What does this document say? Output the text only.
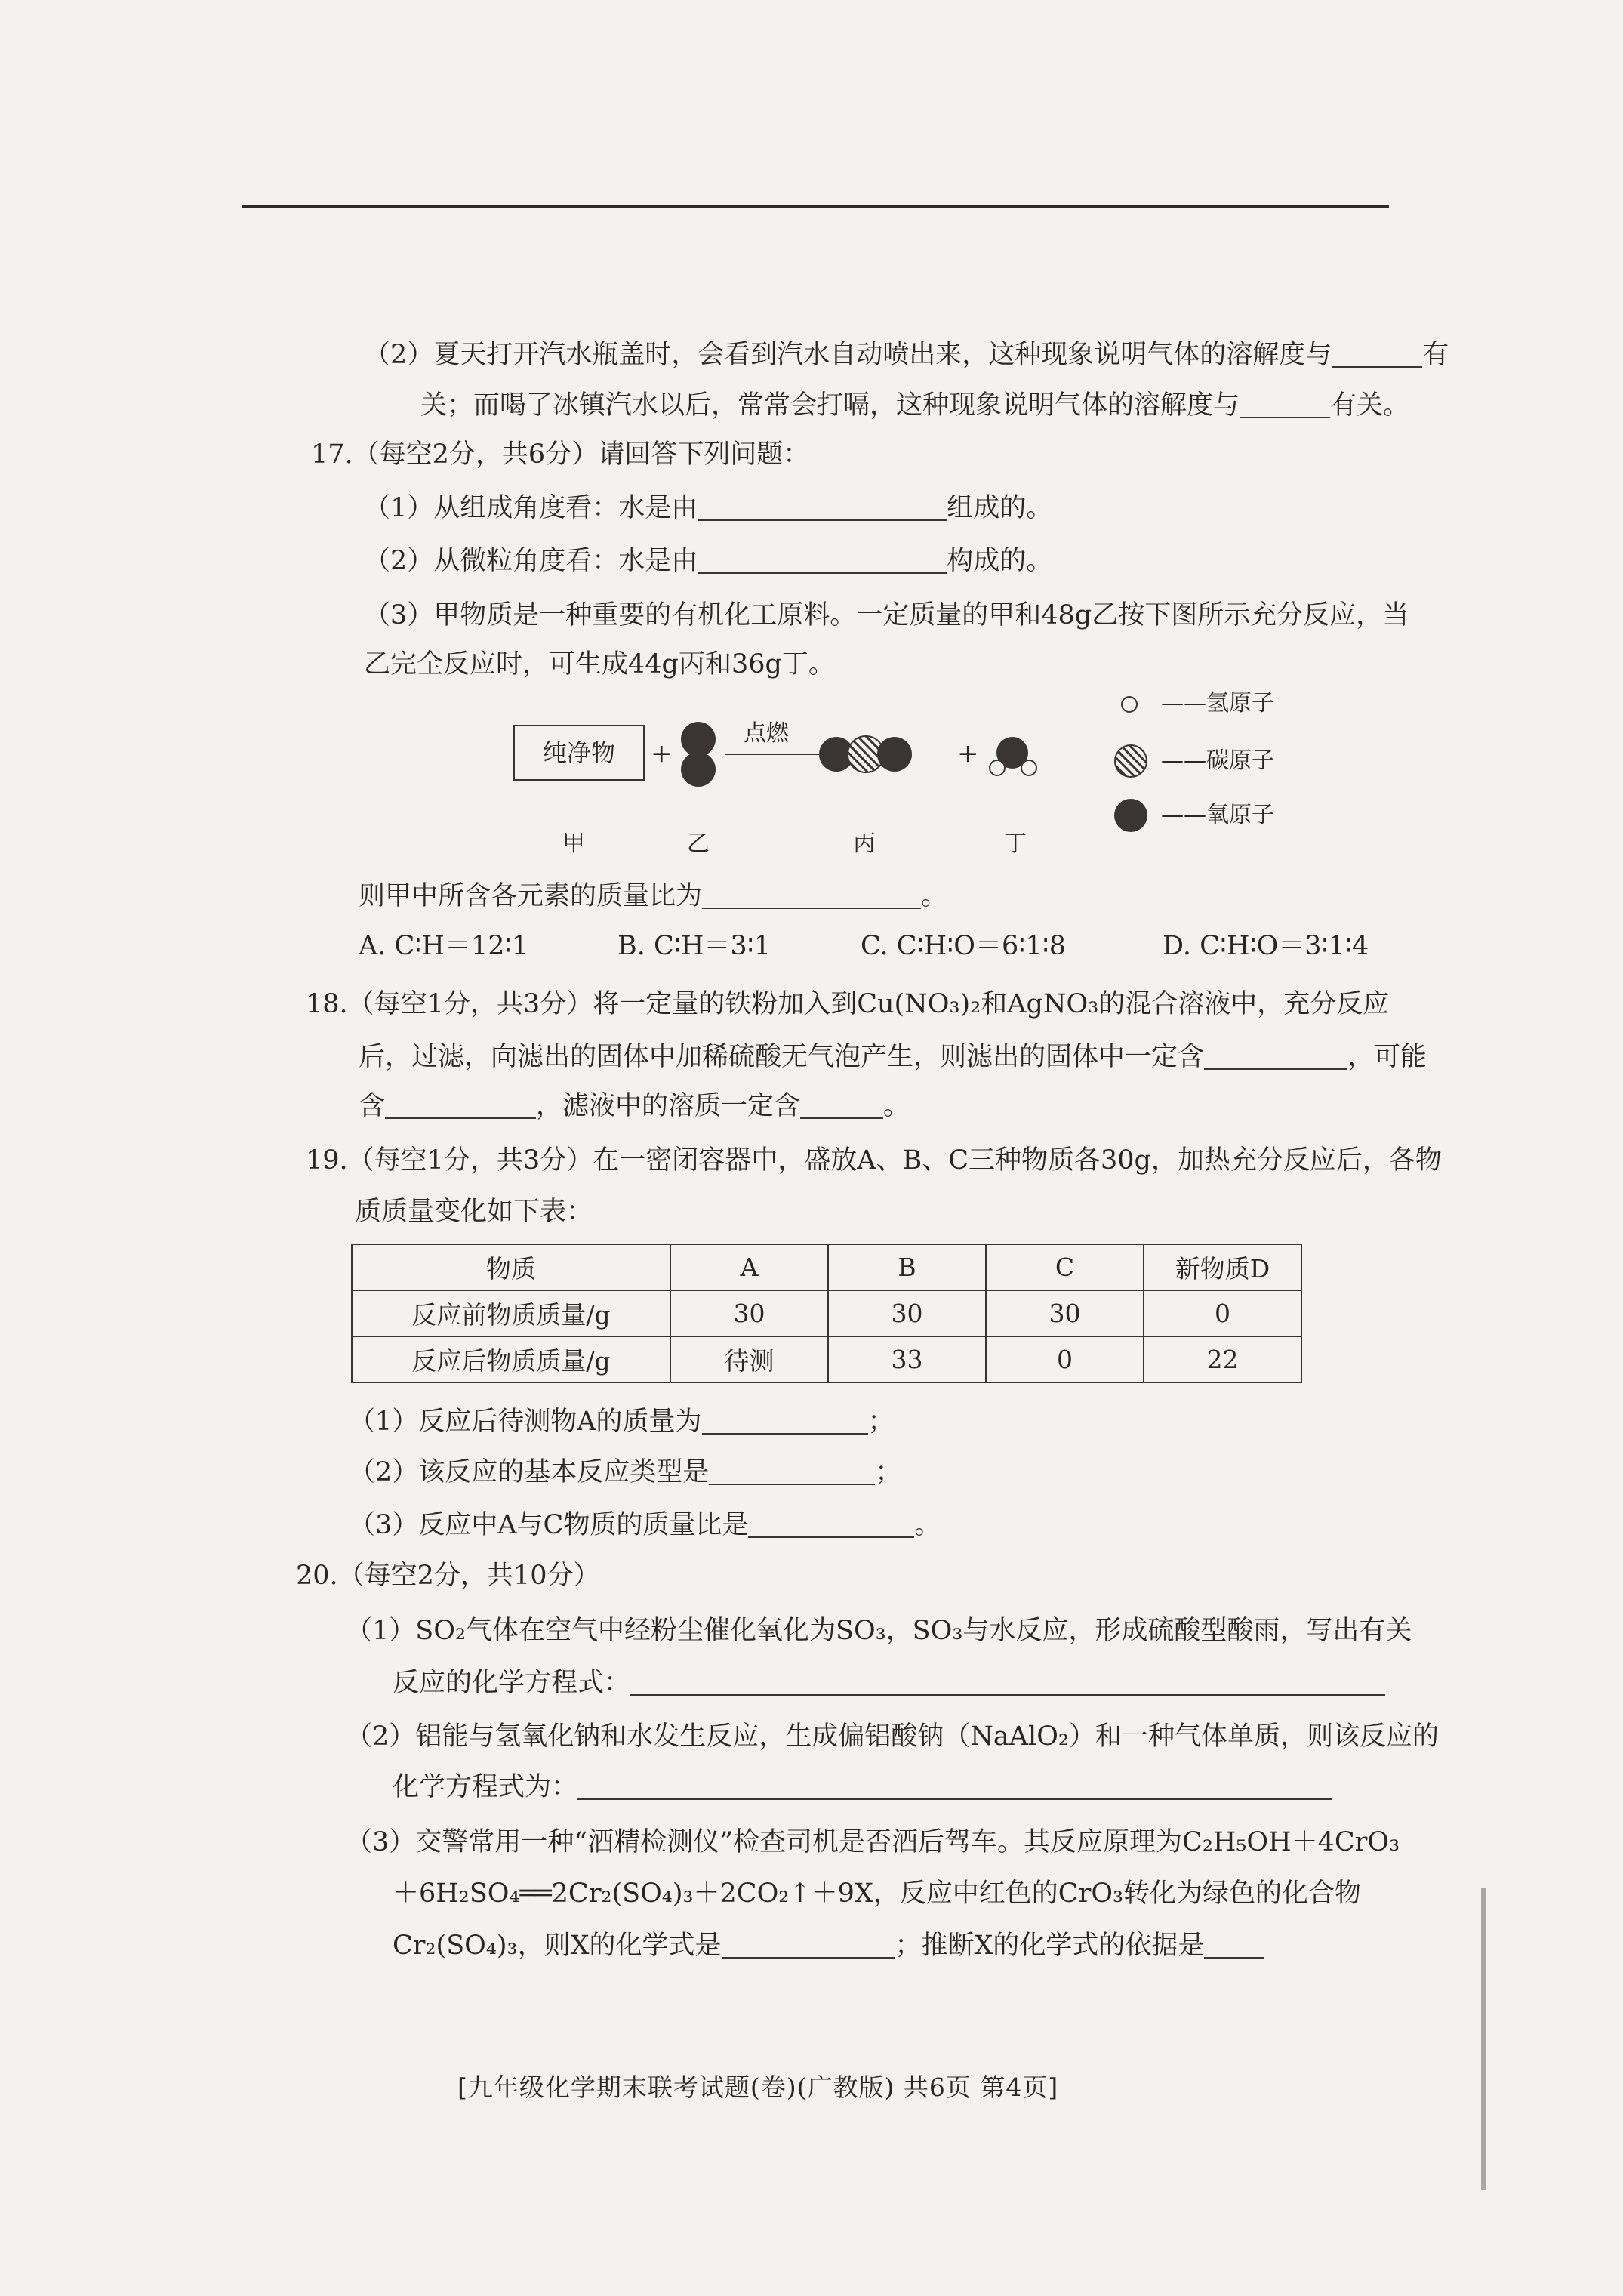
（2）夏天打开汽水瓶盖时，会看到汽水自动喷出来，这种现象说明气体的溶解度与	有
关；而喝了冰镇汽水以后，常常会打嗝，这种现象说明气体的溶解度与	有关。
17.（每空2分，共6分）请回答下列问题：
（1）从组成角度看：水是由	组成的。
（2）从微粒角度看：水是由	构成的。
（3）甲物质是一种重要的有机化工原料。一定质量的甲和48g乙按下图所示充分反应，当
乙完全反应时，可生成44g丙和36g丁。
纯净物	+
点燃
+
——氢原子
——碳原子
——氧原子
甲	乙	丙	丁
则甲中所含各元素的质量比为	。
A. C∶H＝12∶1	B. C∶H＝3∶1	C. C∶H∶O＝6∶1∶8	D. C∶H∶O＝3∶1∶4
18.（每空1分，共3分）将一定量的铁粉加入到Cu(NO₃)₂和AgNO₃的混合溶液中，充分反应
后，过滤，向滤出的固体中加稀硫酸无气泡产生，则滤出的固体中一定含	，可能
含	，滤液中的溶质一定含	。
19.（每空1分，共3分）在一密闭容器中，盛放A、B、C三种物质各30g，加热充分反应后，各物
质质量变化如下表：
物质	A	B	C	新物质D
反应前物质质量/g	30	30	30	0
反应后物质质量/g	待测	33	0	22
（1）反应后待测物A的质量为	；
（2）该反应的基本反应类型是	；
（3）反应中A与C物质的质量比是	。
20.（每空2分，共10分）
（1）SO₂气体在空气中经粉尘催化氧化为SO₃，SO₃与水反应，形成硫酸型酸雨，写出有关
反应的化学方程式：
（2）铝能与氢氧化钠和水发生反应，生成偏铝酸钠（NaAlO₂）和一种气体单质，则该反应的
化学方程式为：
（3）交警常用一种“酒精检测仪”检查司机是否酒后驾车。其反应原理为C₂H₅OH＋4CrO₃
＋6H₂SO₄══2Cr₂(SO₄)₃＋2CO₂↑＋9X，反应中红色的CrO₃转化为绿色的化合物
Cr₂(SO₄)₃，则X的化学式是	；推断X的化学式的依据是
[九年级化学期末联考试题(卷)(广教版) 共6页 第4页]
